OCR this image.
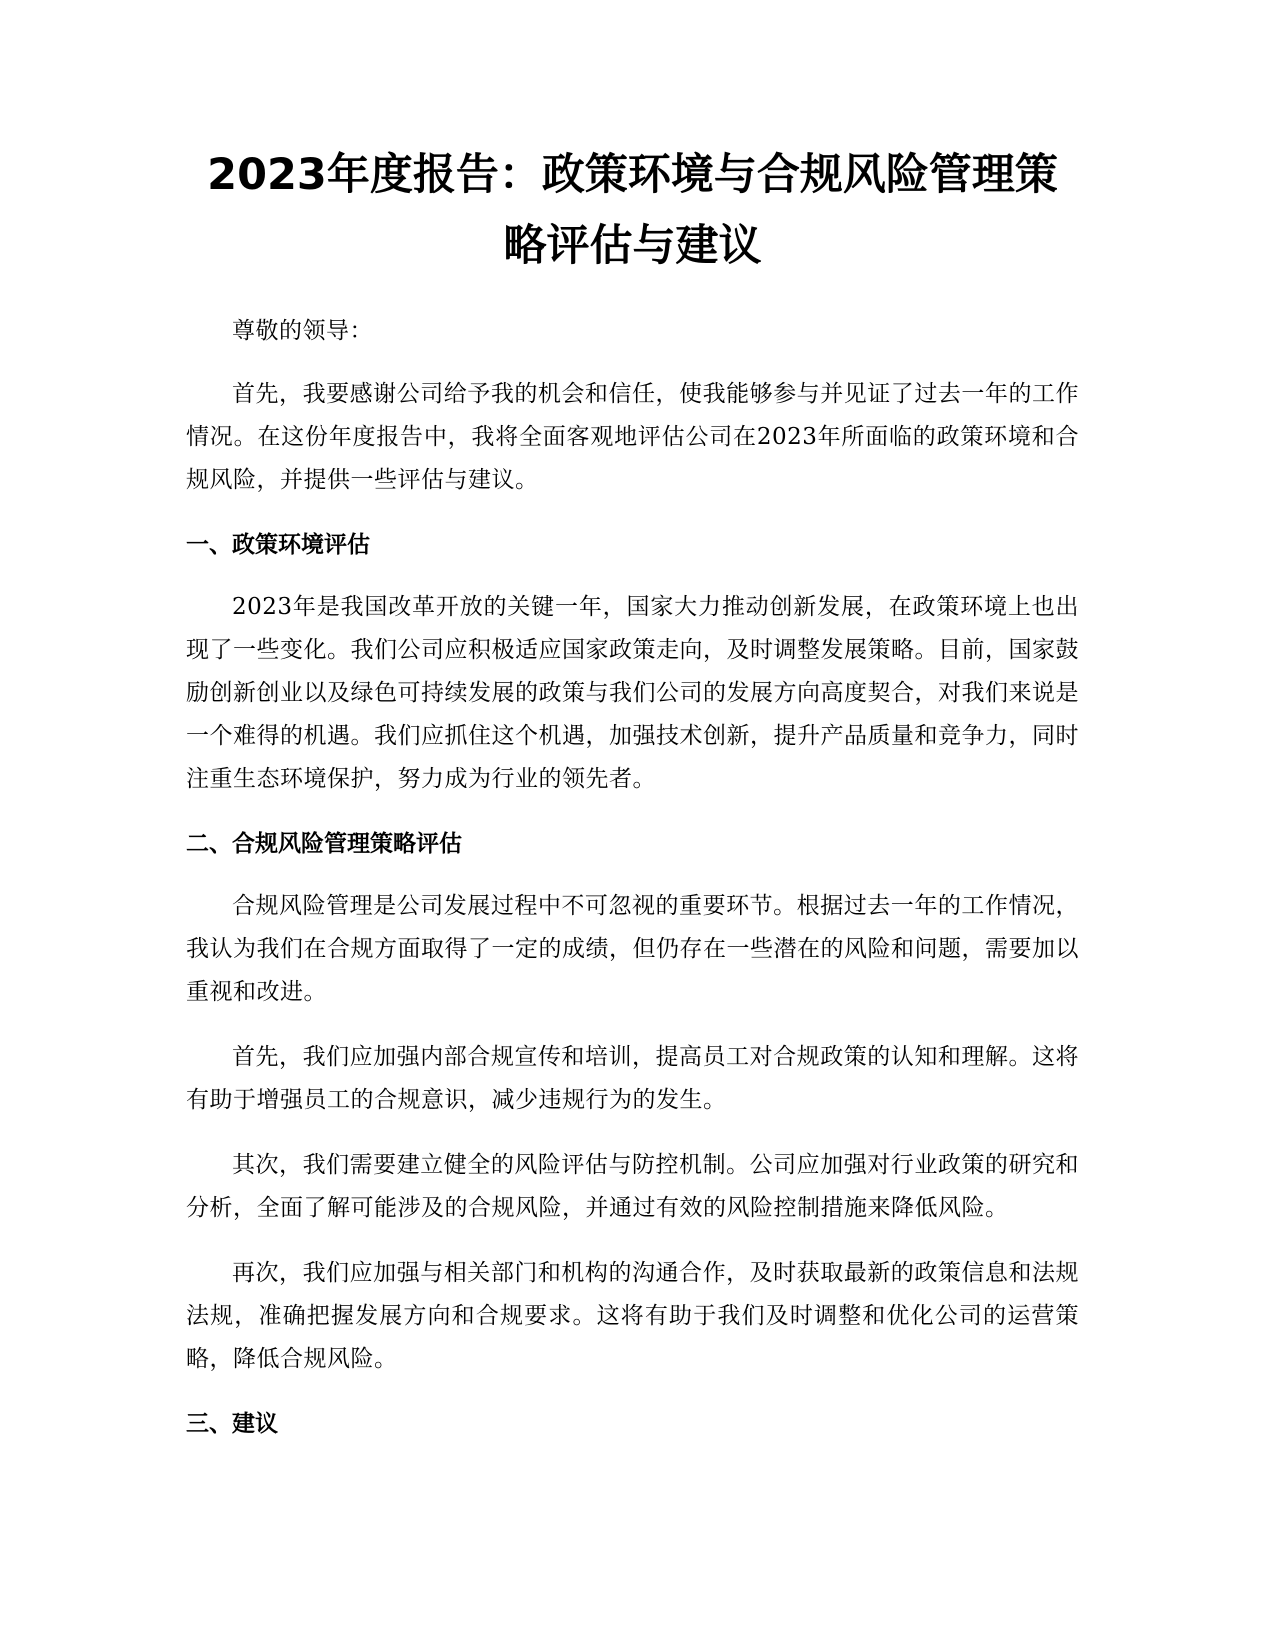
2023年度报告：政策环境与合规风险管理策略评估与建议

尊敬的领导：

首先，我要感谢公司给予我的机会和信任，使我能够参与并见证了过去一年的工作情况。在这份年度报告中，我将全面客观地评估公司在2023年所面临的政策环境和合规风险，并提供一些评估与建议。

一、政策环境评估

2023年是我国改革开放的关键一年，国家大力推动创新发展，在政策环境上也出现了一些变化。我们公司应积极适应国家政策走向，及时调整发展策略。目前，国家鼓励创新创业以及绿色可持续发展的政策与我们公司的发展方向高度契合，对我们来说是一个难得的机遇。我们应抓住这个机遇，加强技术创新，提升产品质量和竞争力，同时注重生态环境保护，努力成为行业的领先者。

二、合规风险管理策略评估

合规风险管理是公司发展过程中不可忽视的重要环节。根据过去一年的工作情况，我认为我们在合规方面取得了一定的成绩，但仍存在一些潜在的风险和问题，需要加以重视和改进。

首先，我们应加强内部合规宣传和培训，提高员工对合规政策的认知和理解。这将有助于增强员工的合规意识，减少违规行为的发生。

其次，我们需要建立健全的风险评估与防控机制。公司应加强对行业政策的研究和分析，全面了解可能涉及的合规风险，并通过有效的风险控制措施来降低风险。

再次，我们应加强与相关部门和机构的沟通合作，及时获取最新的政策信息和法规法规，准确把握发展方向和合规要求。这将有助于我们及时调整和优化公司的运营策略，降低合规风险。

三、建议
